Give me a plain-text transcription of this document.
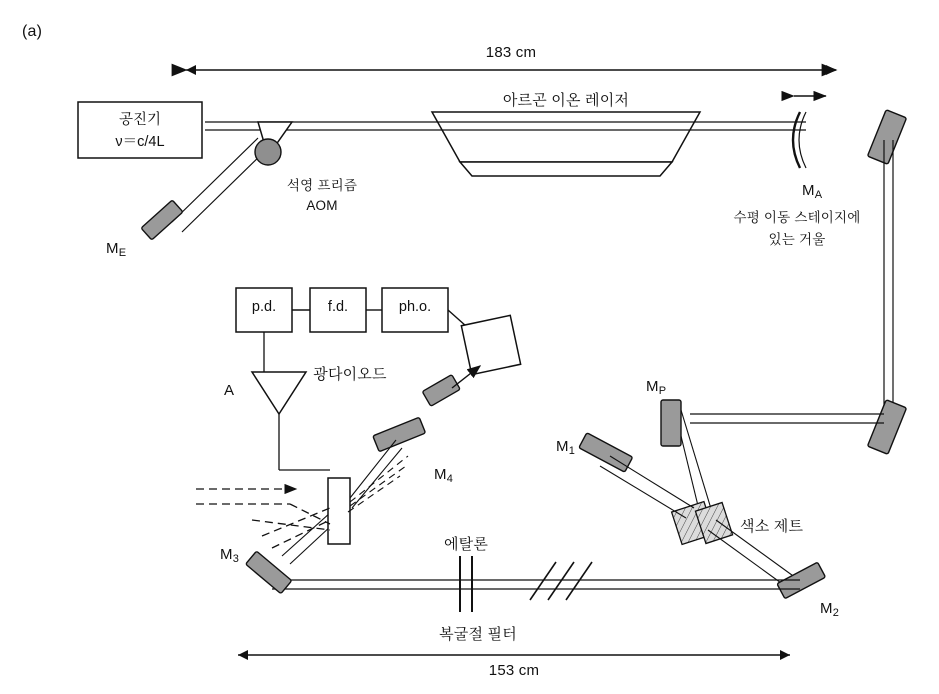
(a)
183 cm
153 cm
공진기
ν＝c/4L
아르곤 이온 레이저
석영 프리즘
AOM
$M_E$
$M_A$
수평 이동 스테이지에
있는 거울
p.d.	f.d.	ph.o.
광다이오드
A
$M_4$
$M_3$
$M_2$
$M_1$
$M_P$
색소 제트
에탈론
복굴절 필터
